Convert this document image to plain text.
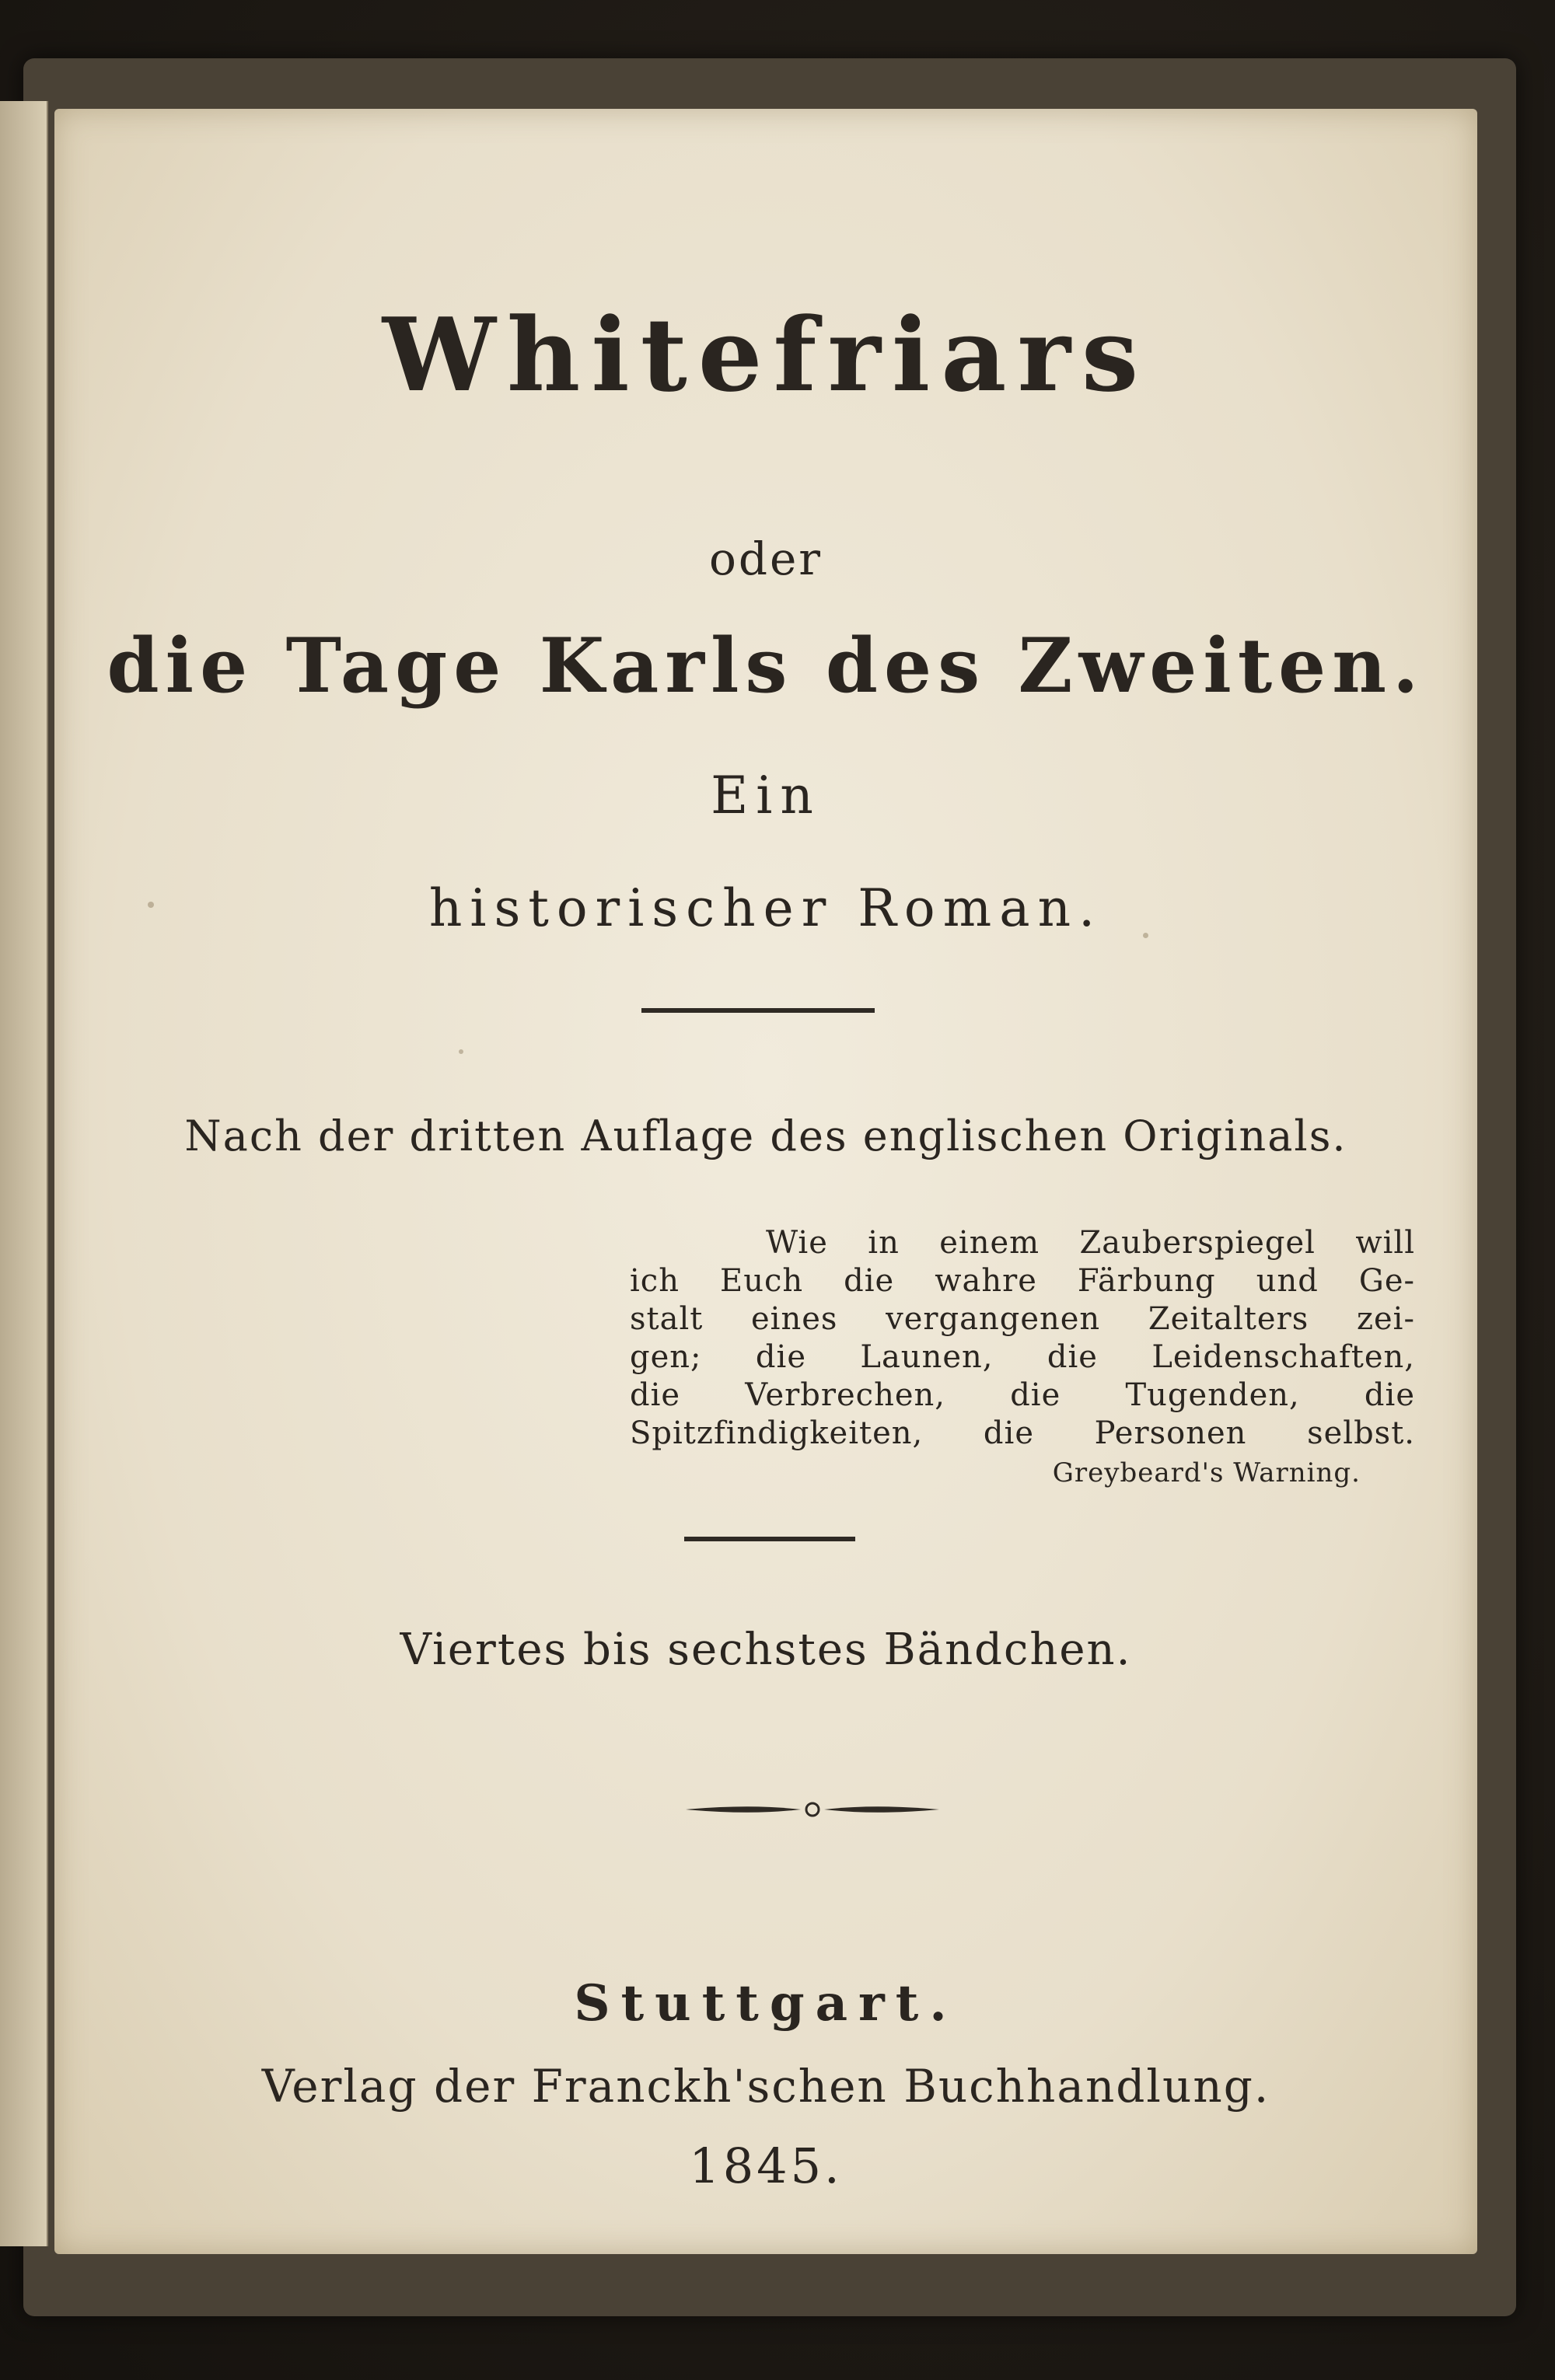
Whitefriars
oder
die Tage Karls des Zweiten.
Ein
historischer Roman.
Nach der dritten Auflage des englischen Originals.
Wie in einem Zauberspiegel will
ich Euch die wahre Färbung und Ge-
stalt eines vergangenen Zeitalters zei-
gen; die Launen, die Leidenschaften,
die Verbrechen, die Tugenden, die
Spitzfindigkeiten, die Personen selbst.
Greybeard's Warning.
Viertes bis sechstes Bändchen.
Stuttgart.
Verlag der Franckh'schen Buchhandlung.
1845.
